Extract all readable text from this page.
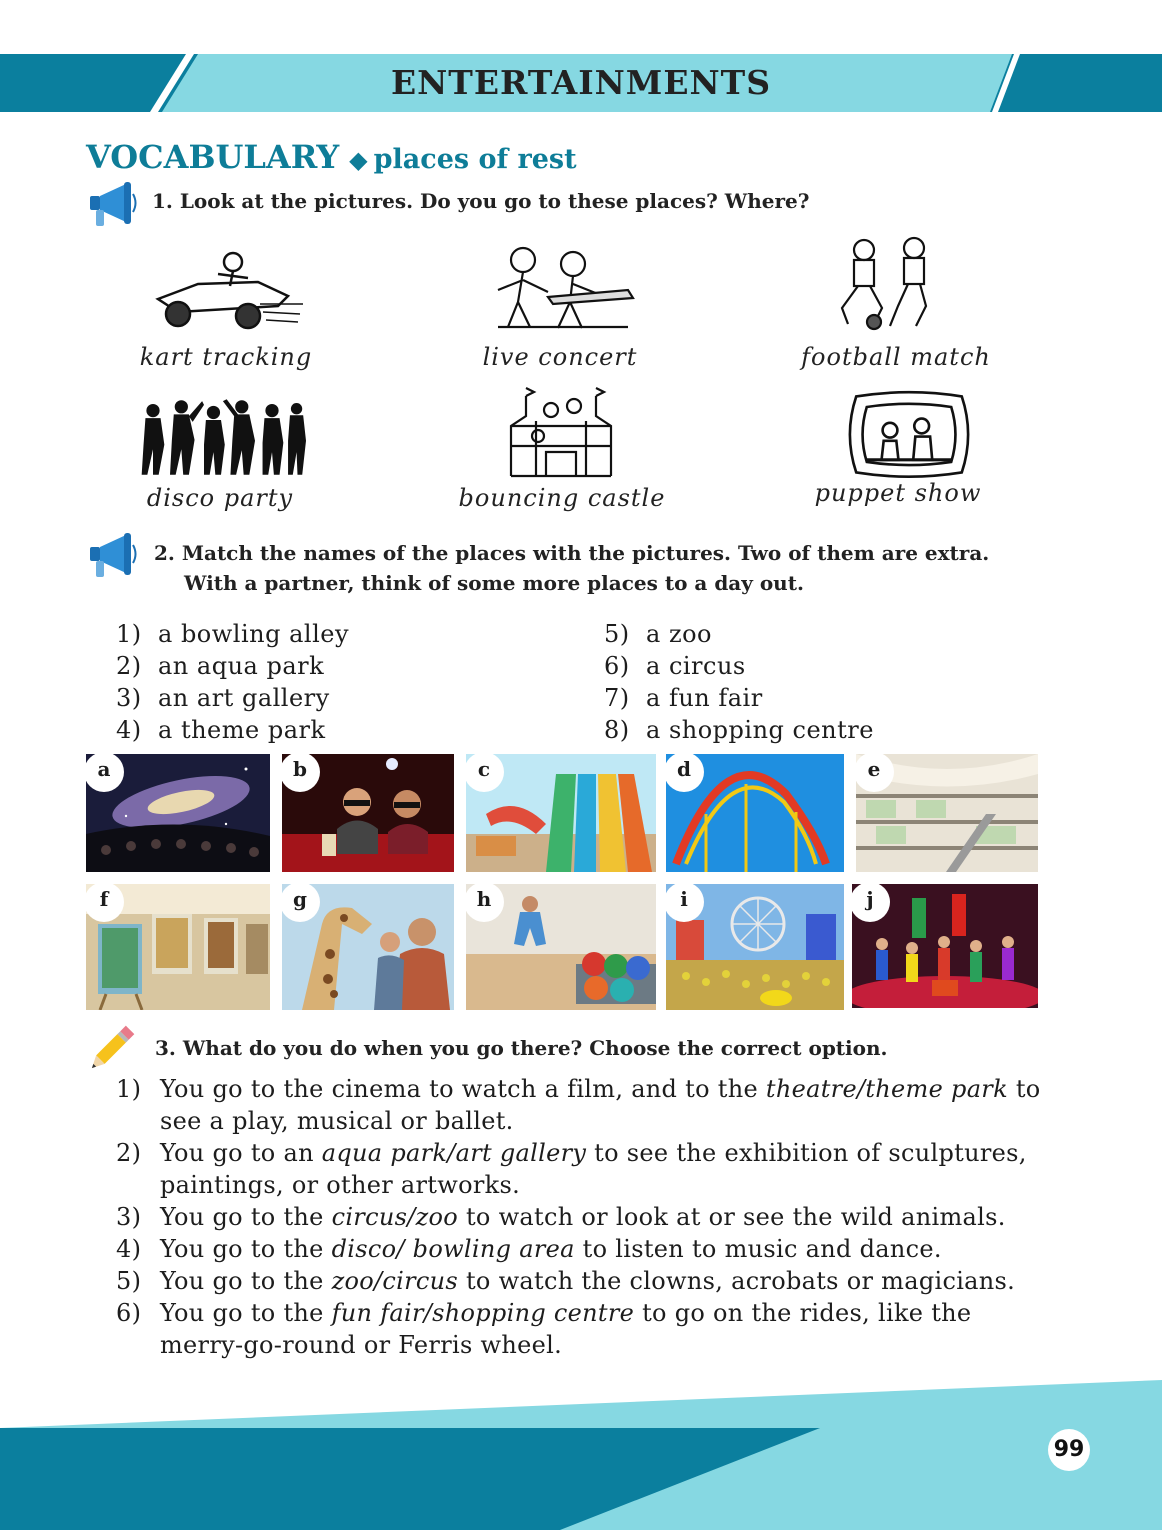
ENTERTAINMENTS
VOCABULARY ◆ places of rest
1. Look at the pictures. Do you go to these places? Where?
kart tracking	live concert	football match
disco party	bouncing castle	puppet show
2. Match the names of the places with the pictures. Two of them are extra.
With a partner, think of some more places to a day out.
1) a bowling alley
2) an aqua park
3) an art gallery
4) a theme park
5) a zoo
6) a circus
7) a fun fair
8) a shopping centre
a	b	c	d	e
f	g	h	i	j
3. What do you do when you go there? Choose the correct option.
1) You go to the cinema to watch a film, and to the theatre/theme park to see a play, musical or ballet.
2) You go to an aqua park/art gallery to see the exhibition of sculptures, paintings, or other artworks.
3) You go to the circus/zoo to watch or look at or see the wild animals.
4) You go to the disco/ bowling area to listen to music and dance.
5) You go to the zoo/circus to watch the clowns, acrobats or magicians.
6) You go to the fun fair/shopping centre to go on the rides, like the merry-go-round or Ferris wheel.
99
